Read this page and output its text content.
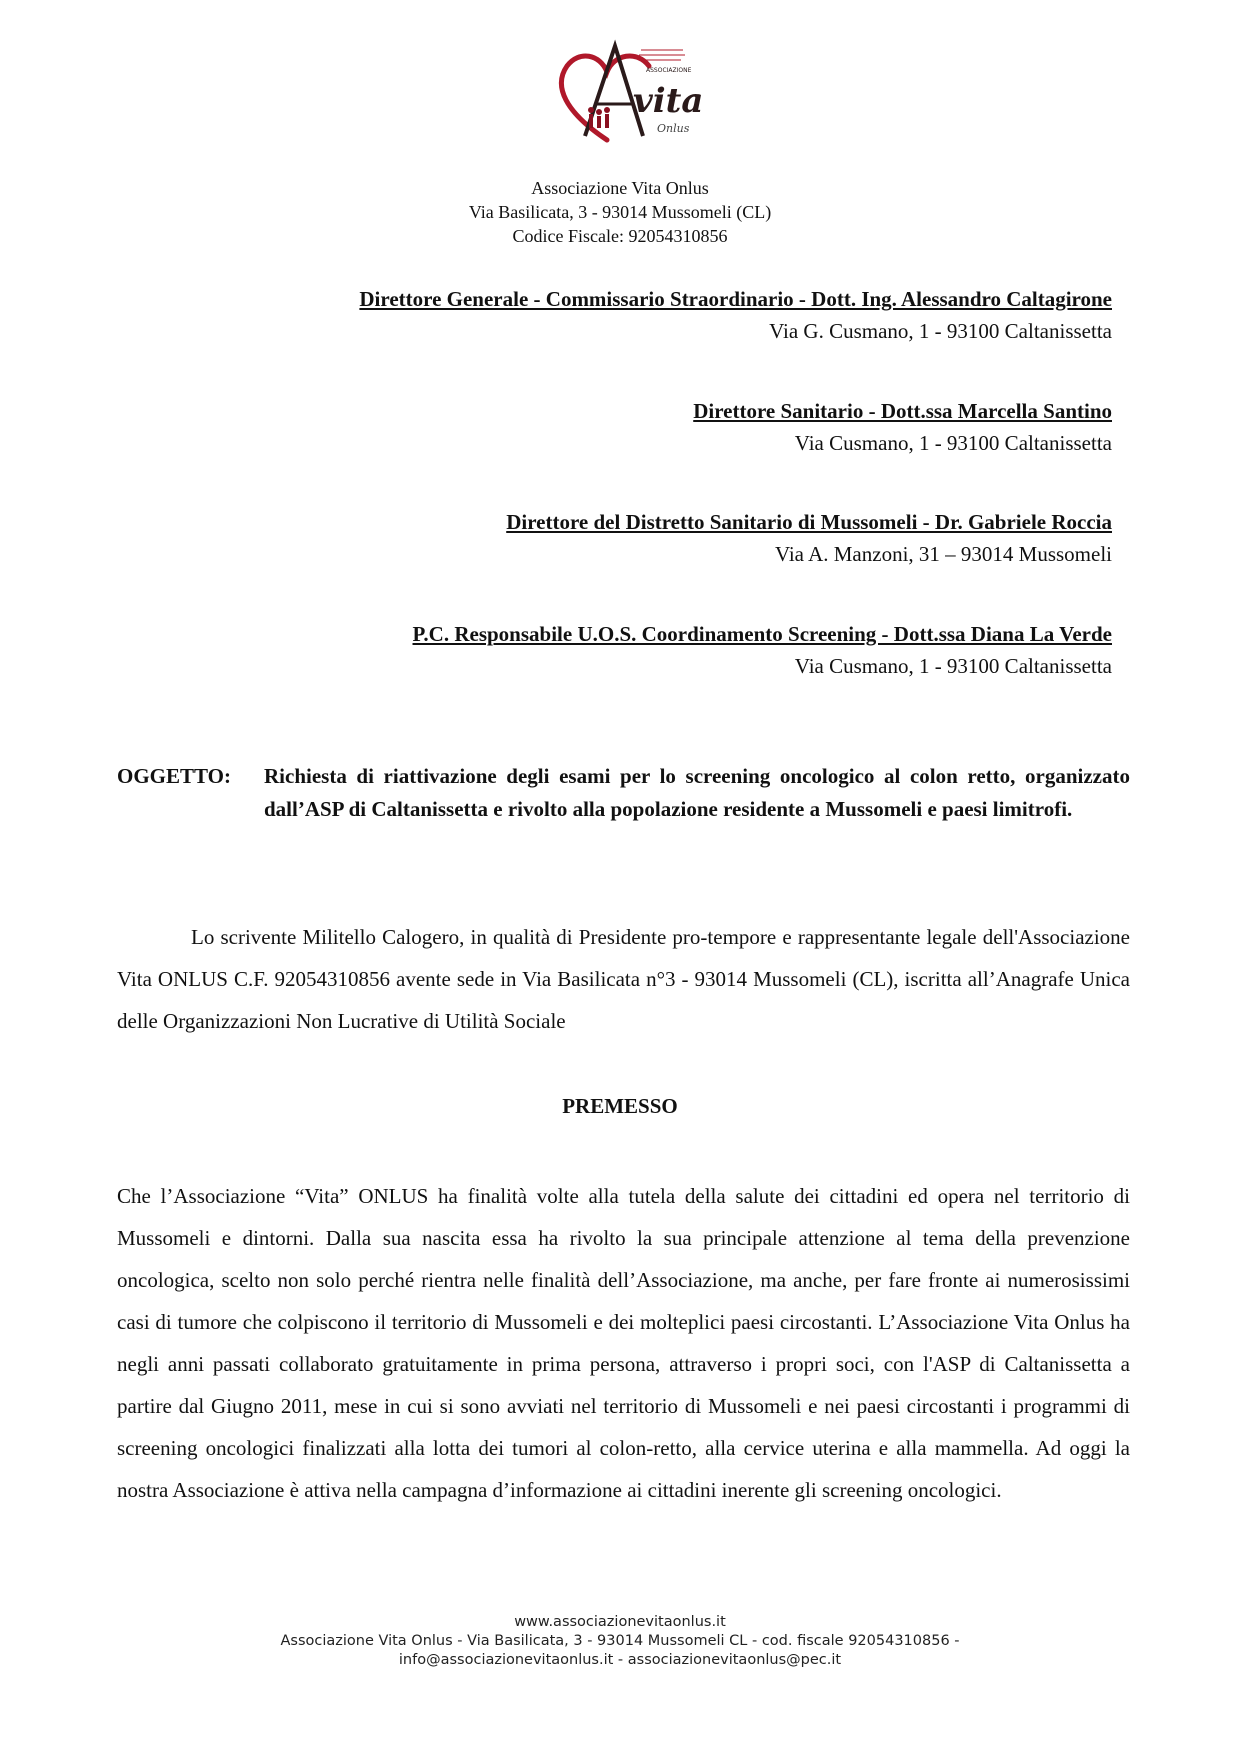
ASSOCIAZIONE
vita
Onlus
Associazione Vita Onlus
Via Basilicata, 3 - 93014 Mussomeli (CL)
Codice Fiscale: 92054310856
Direttore Generale - Commissario Straordinario - Dott. Ing. Alessandro Caltagirone
Via G. Cusmano, 1 - 93100 Caltanissetta
Direttore Sanitario - Dott.ssa Marcella Santino
Via Cusmano, 1 - 93100 Caltanissetta
Direttore del Distretto Sanitario di Mussomeli - Dr. Gabriele Roccia
Via A. Manzoni, 31 – 93014 Mussomeli
P.C. Responsabile U.O.S. Coordinamento Screening - Dott.ssa Diana La Verde
Via Cusmano, 1 - 93100 Caltanissetta
OGGETTO: Richiesta di riattivazione degli esami per lo screening oncologico al colon retto, organizzato dall’ASP di Caltanissetta e rivolto alla popolazione residente a Mussomeli e paesi limitrofi.
Lo scrivente Militello Calogero, in qualità di Presidente pro-tempore e rappresentante legale dell'Associazione Vita ONLUS C.F. 92054310856 avente sede in Via Basilicata n°3 - 93014 Mussomeli (CL), iscritta all’Anagrafe Unica delle Organizzazioni Non Lucrative di Utilità Sociale
PREMESSO
Che l’Associazione “Vita” ONLUS ha finalità volte alla tutela della salute dei cittadini ed opera nel territorio di Mussomeli e dintorni. Dalla sua nascita essa ha rivolto la sua principale attenzione al tema della prevenzione oncologica, scelto non solo perché rientra nelle finalità dell’Associazione, ma anche, per fare fronte ai numerosissimi casi di tumore che colpiscono il territorio di Mussomeli e dei molteplici paesi circostanti. L’Associazione Vita Onlus ha negli anni passati collaborato gratuitamente in prima persona, attraverso i propri soci, con l'ASP di Caltanissetta a partire dal Giugno 2011, mese in cui si sono avviati nel territorio di Mussomeli e nei paesi circostanti i programmi di screening oncologici finalizzati alla lotta dei tumori al colon-retto, alla cervice uterina e alla mammella. Ad oggi la nostra Associazione è attiva nella campagna d’informazione ai cittadini inerente gli screening oncologici.
www.associazionevitaonlus.it
Associazione Vita Onlus - Via Basilicata, 3 - 93014 Mussomeli CL - cod. fiscale 92054310856 -
info@associazionevitaonlus.it - associazionevitaonlus@pec.it
